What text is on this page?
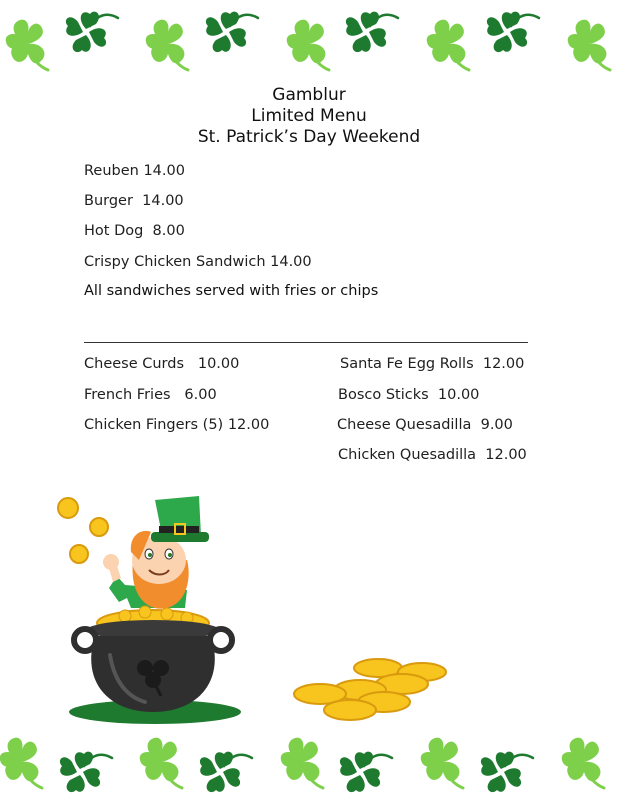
Gamblur
Limited Menu
St. Patrick’s Day Weekend
Reuben 14.00
Burger  14.00
Hot Dog  8.00
Crispy Chicken Sandwich 14.00
All sandwiches served with fries or chips
Cheese Curds   10.00
French Fries   6.00
Chicken Fingers (5) 12.00
Santa Fe Egg Rolls  12.00
Bosco Sticks  10.00
Cheese Quesadilla  9.00
Chicken Quesadilla  12.00
